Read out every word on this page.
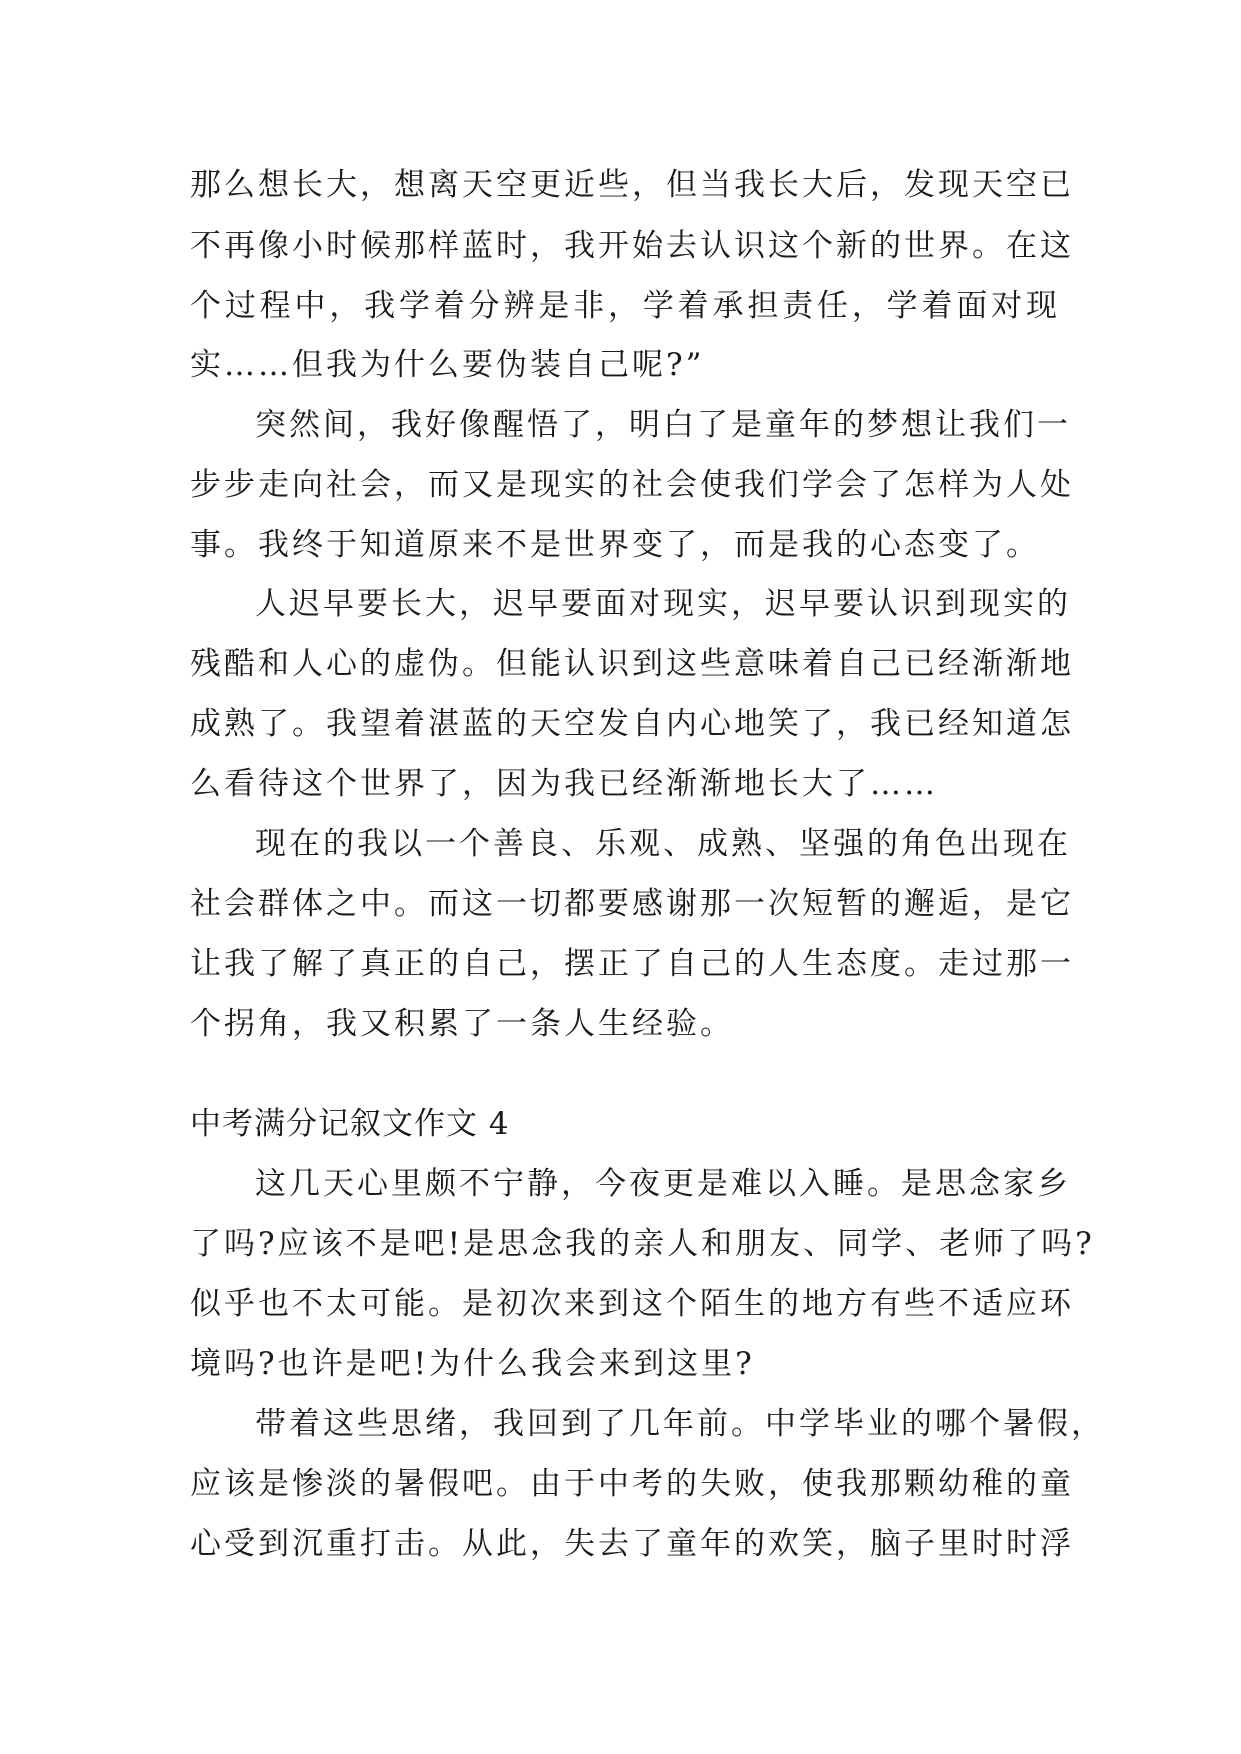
那么想长大，想离天空更近些，但当我长大后，发现天空已
不再像小时候那样蓝时，我开始去认识这个新的世界。在这
个过程中，我学着分辨是非，学着承担责任，学着面对现
实……但我为什么要伪装自己呢?”
突然间，我好像醒悟了，明白了是童年的梦想让我们一
步步走向社会，而又是现实的社会使我们学会了怎样为人处
事。我终于知道原来不是世界变了，而是我的心态变了。
人迟早要长大，迟早要面对现实，迟早要认识到现实的
残酷和人心的虚伪。但能认识到这些意味着自己已经渐渐地
成熟了。我望着湛蓝的天空发自内心地笑了，我已经知道怎
么看待这个世界了，因为我已经渐渐地长大了……
现在的我以一个善良、乐观、成熟、坚强的角色出现在
社会群体之中。而这一切都要感谢那一次短暂的邂逅，是它
让我了解了真正的自己，摆正了自己的人生态度。走过那一
个拐角，我又积累了一条人生经验。
中考满分记叙文作文 4
这几天心里颇不宁静，今夜更是难以入睡。是思念家乡
了吗?应该不是吧!是思念我的亲人和朋友、同学、老师了吗?
似乎也不太可能。是初次来到这个陌生的地方有些不适应环
境吗?也许是吧!为什么我会来到这里?
带着这些思绪，我回到了几年前。中学毕业的哪个暑假，
应该是惨淡的暑假吧。由于中考的失败，使我那颗幼稚的童
心受到沉重打击。从此，失去了童年的欢笑，脑子里时时浮
